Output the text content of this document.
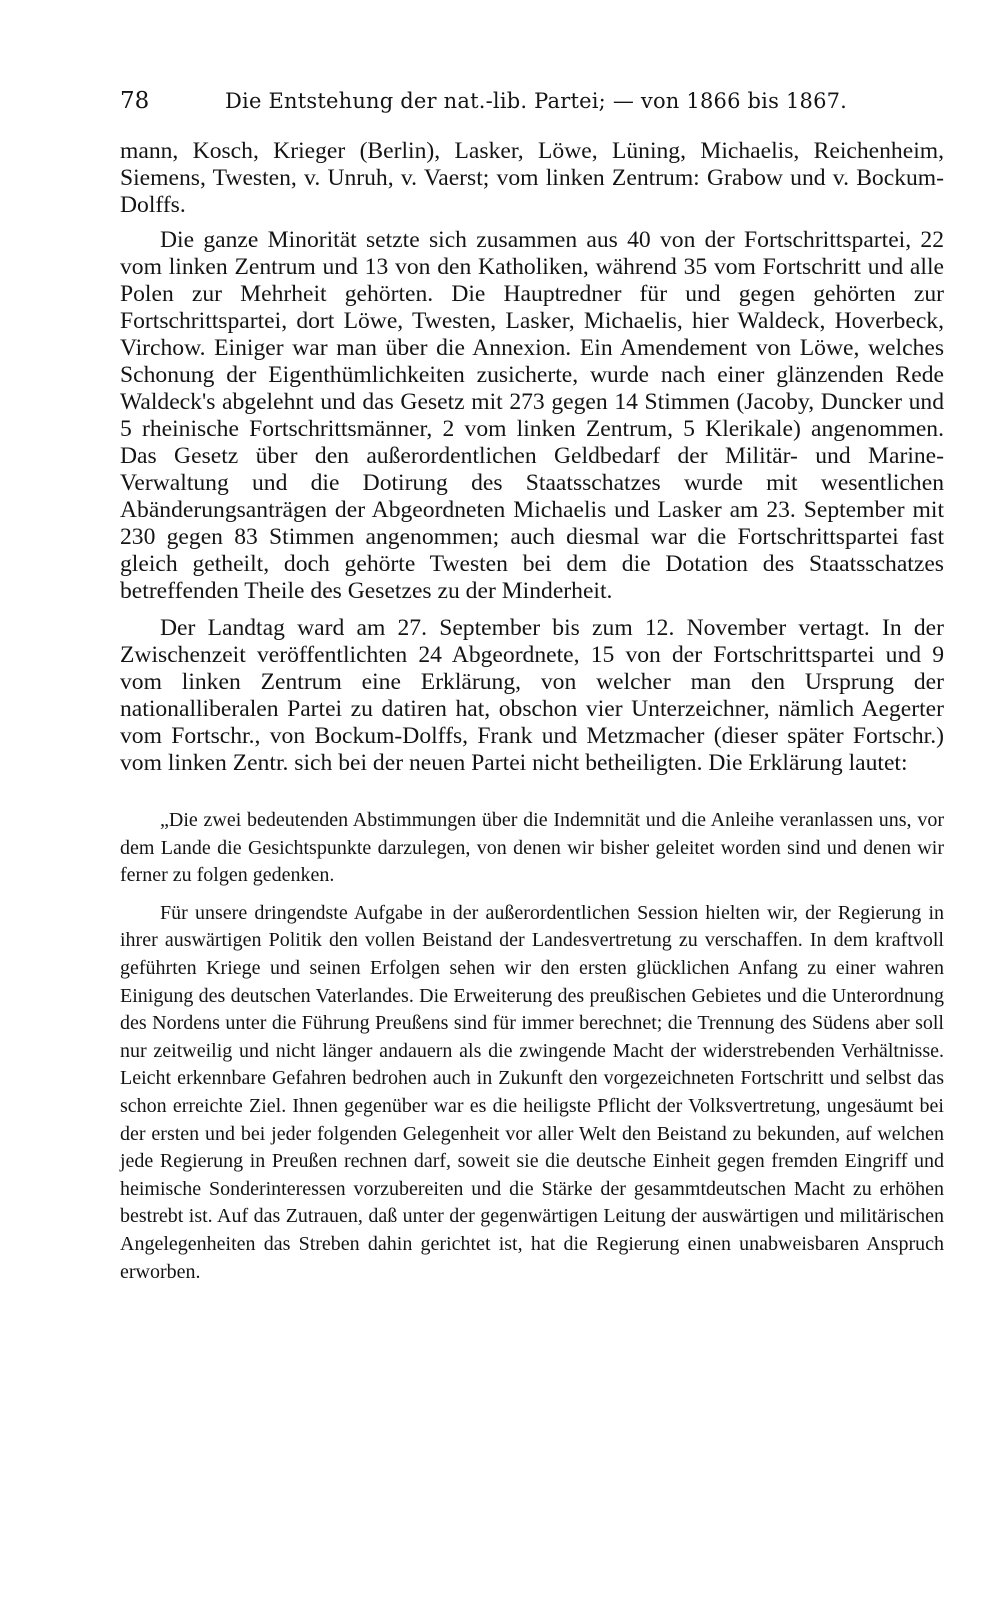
78	Die Entstehung der nat.-lib. Partei; — von 1866 bis 1867.

mann, Kosch, Krieger (Berlin), Lasker, Löwe, Lüning, Michaelis, Reichenheim, Siemens, Twesten, v. Unruh, v. Vaerst; vom linken Zentrum: Grabow und v. Bockum-Dolffs.

Die ganze Minorität setzte sich zusammen aus 40 von der Fortschrittspartei, 22 vom linken Zentrum und 13 von den Katholiken, während 35 vom Fortschritt und alle Polen zur Mehrheit gehörten. Die Hauptredner für und gegen gehörten zur Fortschrittspartei, dort Löwe, Twesten, Lasker, Michaelis, hier Waldeck, Hoverbeck, Virchow. Einiger war man über die Annexion. Ein Amendement von Löwe, welches Schonung der Eigenthümlichkeiten zusicherte, wurde nach einer glänzenden Rede Waldeck's abgelehnt und das Gesetz mit 273 gegen 14 Stimmen (Jacoby, Duncker und 5 rheinische Fortschrittsmänner, 2 vom linken Zentrum, 5 Klerikale) angenommen. Das Gesetz über den außerordentlichen Geldbedarf der Militär- und Marine-Verwaltung und die Dotirung des Staatsschatzes wurde mit wesentlichen Abänderungsanträgen der Abgeordneten Michaelis und Lasker am 23. September mit 230 gegen 83 Stimmen angenommen; auch diesmal war die Fortschrittspartei fast gleich getheilt, doch gehörte Twesten bei dem die Dotation des Staatsschatzes betreffenden Theile des Gesetzes zu der Minderheit.

Der Landtag ward am 27. September bis zum 12. November vertagt. In der Zwischenzeit veröffentlichten 24 Abgeordnete, 15 von der Fortschrittspartei und 9 vom linken Zentrum eine Erklärung, von welcher man den Ursprung der nationalliberalen Partei zu datiren hat, obschon vier Unterzeichner, nämlich Aegerter vom Fortschr., von Bockum-Dolffs, Frank und Metzmacher (dieser später Fortschr.) vom linken Zentr. sich bei der neuen Partei nicht betheiligten. Die Erklärung lautet:

„Die zwei bedeutenden Abstimmungen über die Indemnität und die Anleihe veranlassen uns, vor dem Lande die Gesichtspunkte darzulegen, von denen wir bisher geleitet worden sind und denen wir ferner zu folgen gedenken.

Für unsere dringendste Aufgabe in der außerordentlichen Session hielten wir, der Regierung in ihrer auswärtigen Politik den vollen Beistand der Landesvertretung zu verschaffen. In dem kraftvoll geführten Kriege und seinen Erfolgen sehen wir den ersten glücklichen Anfang zu einer wahren Einigung des deutschen Vaterlandes. Die Erweiterung des preußischen Gebietes und die Unterordnung des Nordens unter die Führung Preußens sind für immer berechnet; die Trennung des Südens aber soll nur zeitweilig und nicht länger andauern als die zwingende Macht der widerstrebenden Verhältnisse. Leicht erkennbare Gefahren bedrohen auch in Zukunft den vorgezeichneten Fortschritt und selbst das schon erreichte Ziel. Ihnen gegenüber war es die heiligste Pflicht der Volksvertretung, ungesäumt bei der ersten und bei jeder folgenden Gelegenheit vor aller Welt den Beistand zu bekunden, auf welchen jede Regierung in Preußen rechnen darf, soweit sie die deutsche Einheit gegen fremden Eingriff und heimische Sonderinteressen vorzubereiten und die Stärke der gesammtdeutschen Macht zu erhöhen bestrebt ist. Auf das Zutrauen, daß unter der gegenwärtigen Leitung der auswärtigen und militärischen Angelegenheiten das Streben dahin gerichtet ist, hat die Regierung einen unabweisbaren Anspruch erworben.
